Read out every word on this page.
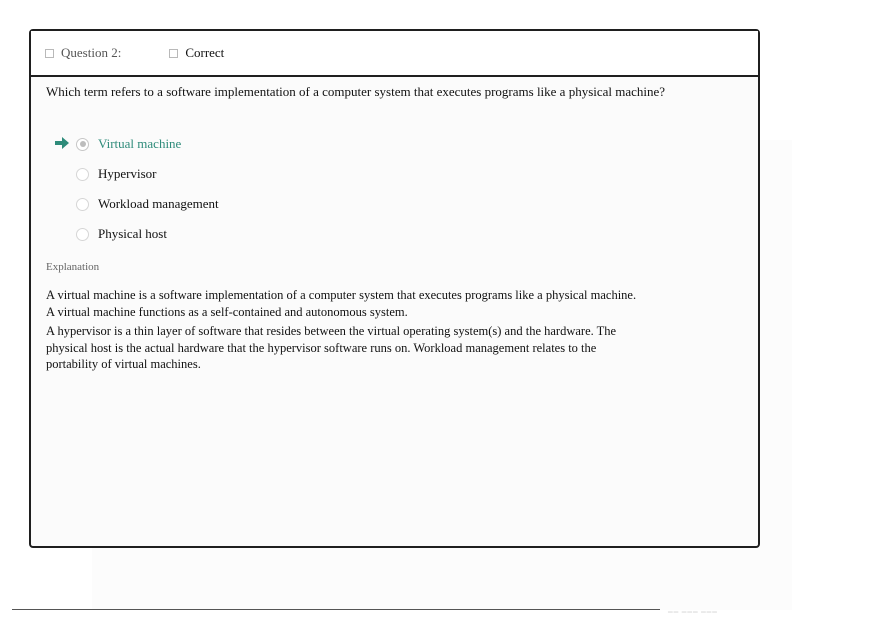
Question 2:	Correct
Which term refers to a software implementation of a computer system that executes programs like a physical machine?
Virtual machine
Hypervisor
Workload management
Physical host
Explanation

A virtual machine is a software implementation of a computer system that executes programs like a physical machine. A virtual machine functions as a self-contained and autonomous system.

A hypervisor is a thin layer of software that resides between the virtual operating system(s) and the hardware. The physical host is the actual hardware that the hypervisor software runs on. Workload management relates to the portability of virtual machines.

▁▁ ▁▁▁ ▁▁▁
